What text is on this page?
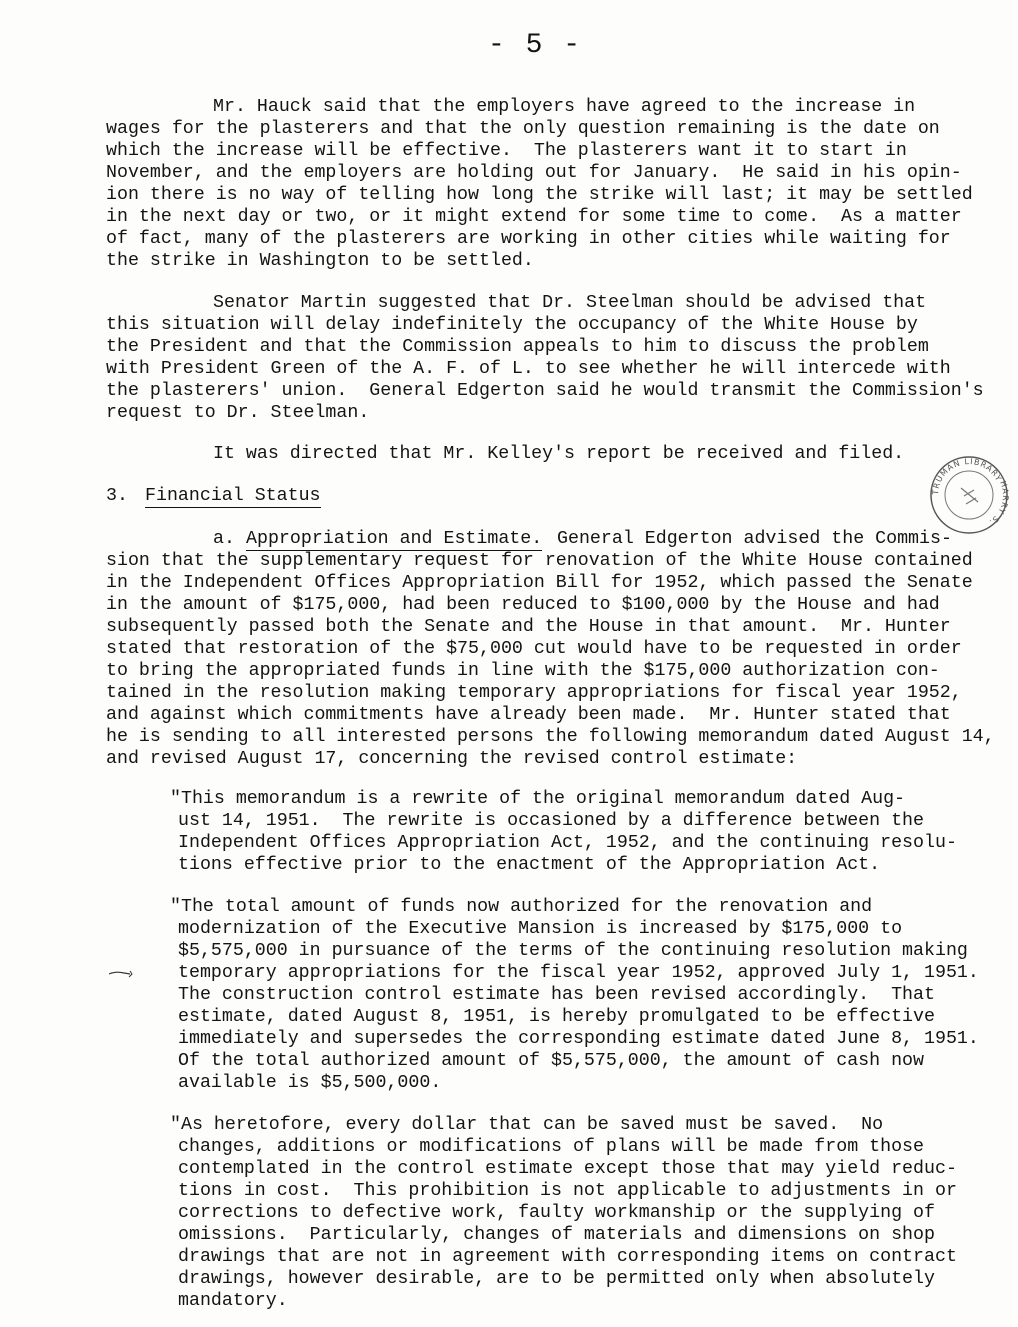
- 5 -
Mr. Hauck said that the employers have agreed to the increase in
wages for the plasterers and that the only question remaining is the date on
which the increase will be effective.  The plasterers want it to start in
November, and the employers are holding out for January.  He said in his opin-
ion there is no way of telling how long the strike will last; it may be settled
in the next day or two, or it might extend for some time to come.  As a matter
of fact, many of the plasterers are working in other cities while waiting for
the strike in Washington to be settled.
Senator Martin suggested that Dr. Steelman should be advised that
this situation will delay indefinitely the occupancy of the White House by
the President and that the Commission appeals to him to discuss the problem
with President Green of the A. F. of L. to see whether he will intercede with
the plasterers' union.  General Edgerton said he would transmit the Commission's
request to Dr. Steelman.
It was directed that Mr. Kelley's report be received and filed.
3. Financial Status
a. Appropriation and Estimate. General Edgerton advised the Commis-
sion that the supplementary request for renovation of the White House contained
in the Independent Offices Appropriation Bill for 1952, which passed the Senate
in the amount of $175,000, had been reduced to $100,000 by the House and had
subsequently passed both the Senate and the House in that amount.  Mr. Hunter
stated that restoration of the $75,000 cut would have to be requested in order
to bring the appropriated funds in line with the $175,000 authorization con-
tained in the resolution making temporary appropriations for fiscal year 1952,
and against which commitments have already been made.  Mr. Hunter stated that
he is sending to all interested persons the following memorandum dated August 14,
and revised August 17, concerning the revised control estimate:
"This memorandum is a rewrite of the original memorandum dated Aug-
ust 14, 1951.  The rewrite is occasioned by a difference between the
Independent Offices Appropriation Act, 1952, and the continuing resolu-
tions effective prior to the enactment of the Appropriation Act.
"The total amount of funds now authorized for the renovation and
modernization of the Executive Mansion is increased by $175,000 to
$5,575,000 in pursuance of the terms of the continuing resolution making
temporary appropriations for the fiscal year 1952, approved July 1, 1951.
The construction control estimate has been revised accordingly.  That
estimate, dated August 8, 1951, is hereby promulgated to be effective
immediately and supersedes the corresponding estimate dated June 8, 1951.
Of the total authorized amount of $5,575,000, the amount of cash now
available is $5,500,000.
"As heretofore, every dollar that can be saved must be saved.  No
changes, additions or modifications of plans will be made from those
contemplated in the control estimate except those that may yield reduc-
tions in cost.  This prohibition is not applicable to adjustments in or
corrections to defective work, faulty workmanship or the supplying of
omissions.  Particularly, changes of materials and dimensions on shop
drawings that are not in agreement with corresponding items on contract
drawings, however desirable, are to be permitted only when absolutely
mandatory.
TRUMAN LIBRARY
HARRY S.
